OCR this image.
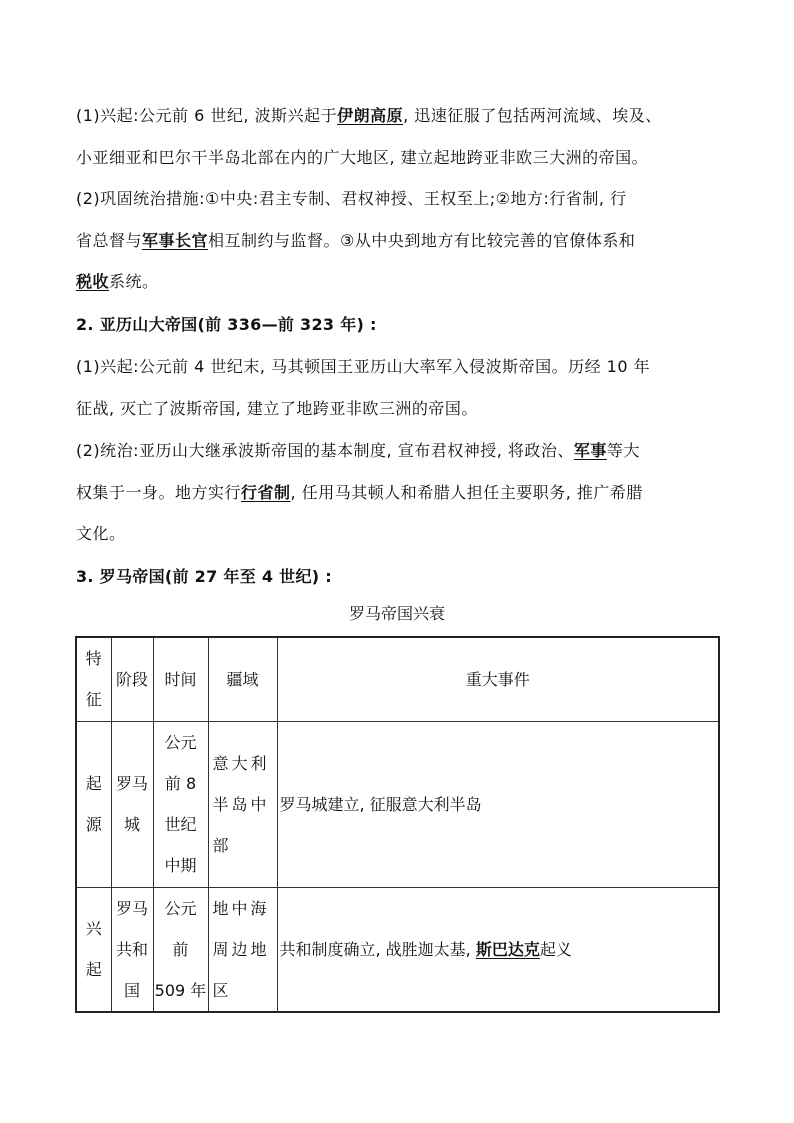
(1)兴起:公元前 6 世纪, 波斯兴起于伊朗高原, 迅速征服了包括两河流域、埃及、
小亚细亚和巴尔干半岛北部在内的广大地区, 建立起地跨亚非欧三大洲的帝国。
(2)巩固统治措施:①中央:君主专制、君权神授、王权至上;②地方:行省制, 行
省总督与军事长官相互制约与监督。③从中央到地方有比较完善的官僚体系和
税收系统。
2. 亚历山大帝国(前 336—前 323 年) :
(1)兴起:公元前 4 世纪末, 马其顿国王亚历山大率军入侵波斯帝国。历经 10 年
征战, 灭亡了波斯帝国, 建立了地跨亚非欧三洲的帝国。
(2)统治:亚历山大继承波斯帝国的基本制度, 宣布君权神授, 将政治、军事等大
权集于一身。地方实行行省制, 任用马其顿人和希腊人担任主要职务, 推广希腊
文化。
3. 罗马帝国(前 27 年至 4 世纪) :
罗马帝国兴衰
特
征	阶段	时间	疆域	重大事件

起
源	罗马
城	公元
前 8
世纪
中期	意大利
半岛中
部	罗马城建立, 征服意大利半岛

兴
起	罗马
共和
国	公元
前
509 年	地中海
周边地
区	共和制度确立, 战胜迦太基, 斯巴达克起义
